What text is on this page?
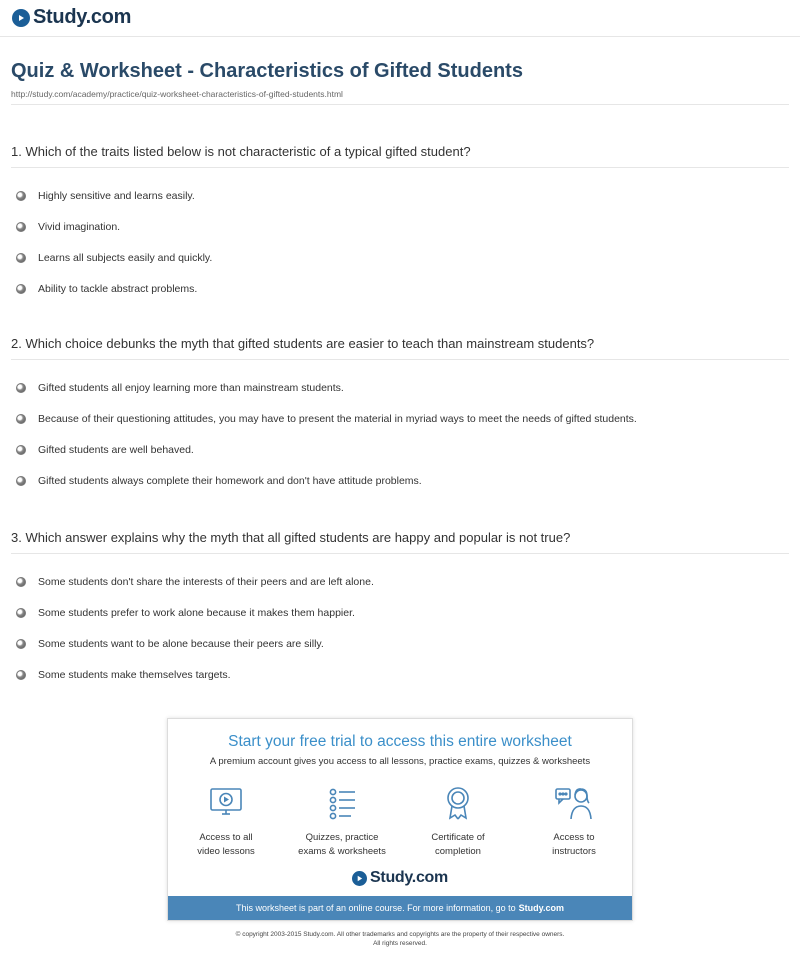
Study.com
Quiz & Worksheet - Characteristics of Gifted Students
http://study.com/academy/practice/quiz-worksheet-characteristics-of-gifted-students.html

1. Which of the traits listed below is not characteristic of a typical gifted student?

Highly sensitive and learns easily.
Vivid imagination.
Learns all subjects easily and quickly.
Ability to tackle abstract problems.

2. Which choice debunks the myth that gifted students are easier to teach than mainstream students?

Gifted students all enjoy learning more than mainstream students.
Because of their questioning attitudes, you may have to present the material in myriad ways to meet the needs of gifted students.
Gifted students are well behaved.
Gifted students always complete their homework and don't have attitude problems.

3. Which answer explains why the myth that all gifted students are happy and popular is not true?

Some students don't share the interests of their peers and are left alone.
Some students prefer to work alone because it makes them happier.
Some students want to be alone because their peers are silly.
Some students make themselves targets.
Start your free trial to access this entire worksheet
A premium account gives you access to all lessons, practice exams, quizzes & worksheets
Access to all
video lessons
Quizzes, practice
exams & worksheets
Certificate of
completion
Access to
instructors
Study.com
This worksheet is part of an online course. For more information, go to Study.com
© copyright 2003-2015 Study.com. All other trademarks and copyrights are the property of their respective owners.
All rights reserved.
